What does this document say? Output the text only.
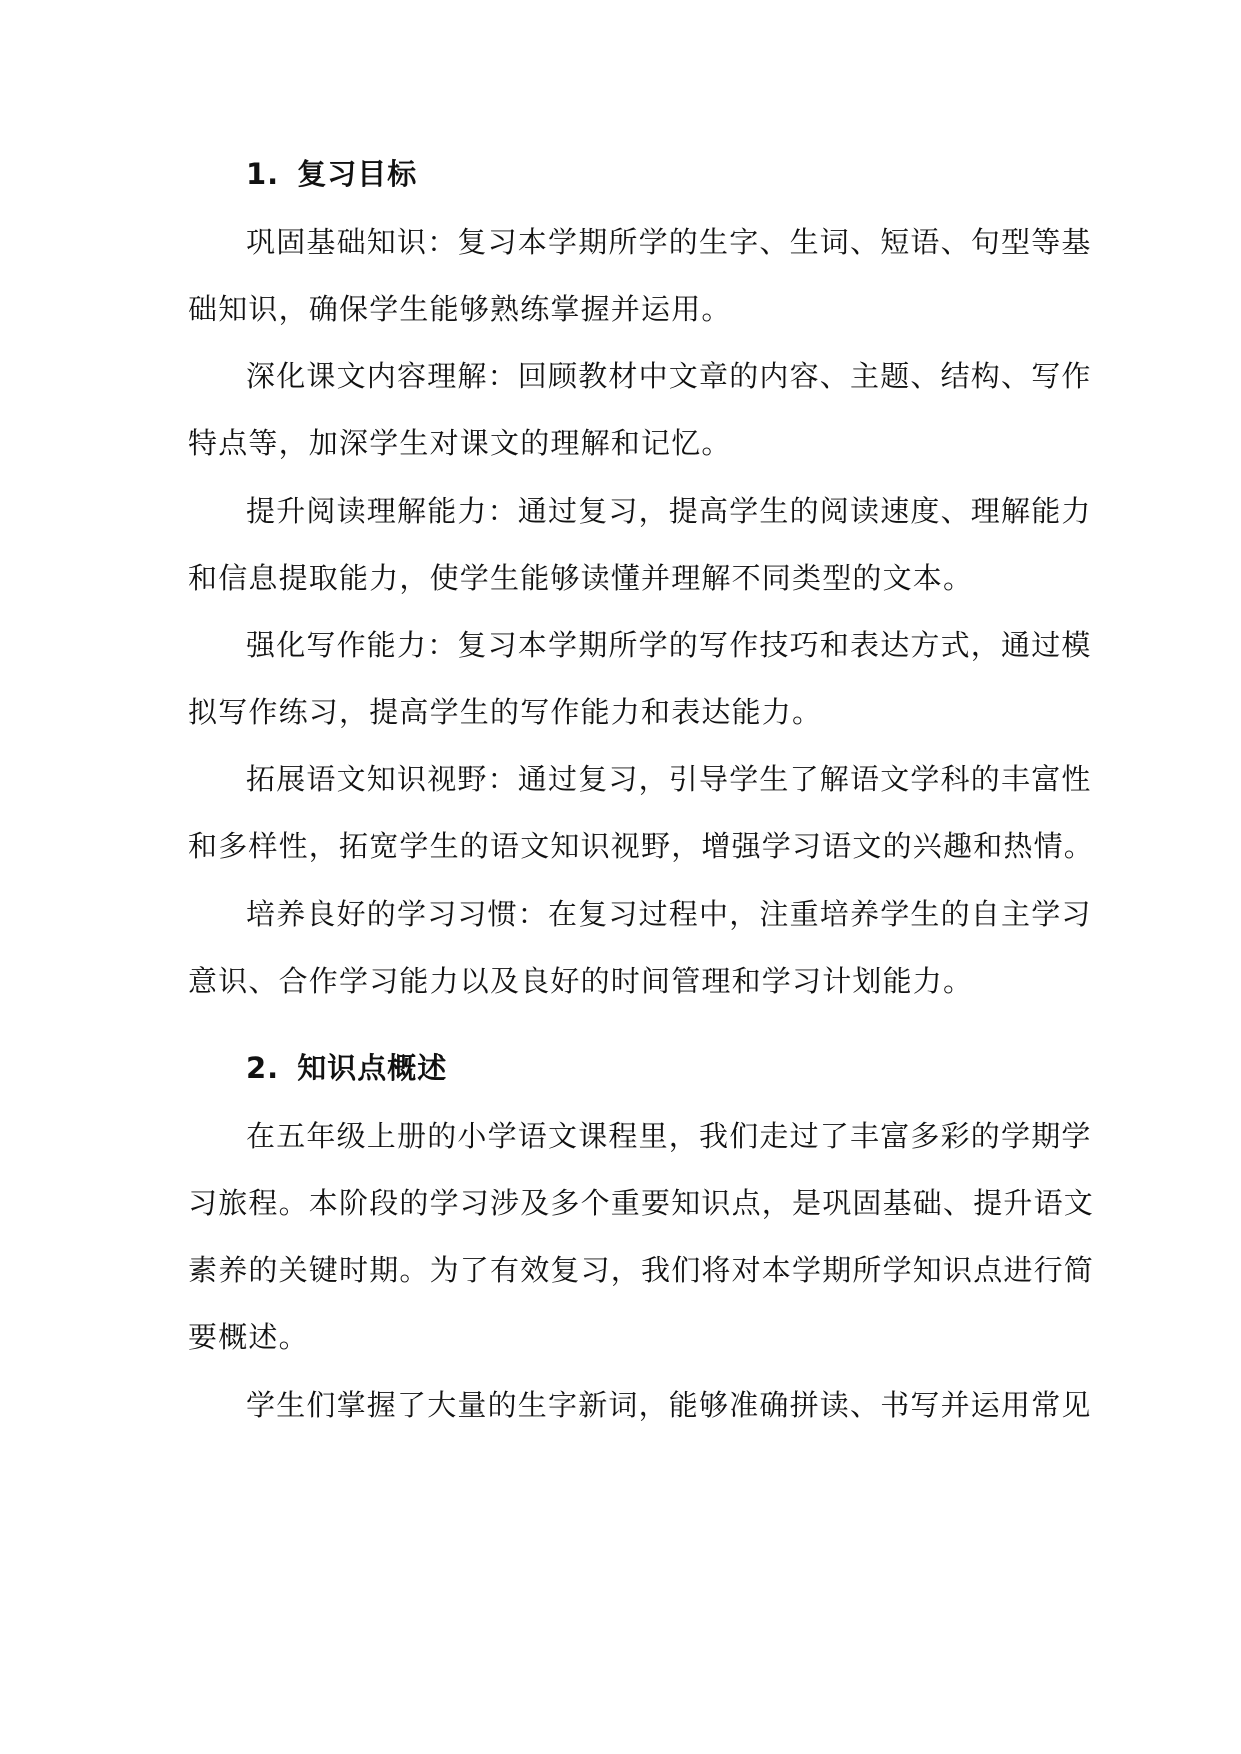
1. 复习目标
巩固基础知识：复习本学期所学的生字、生词、短语、句型等基
础知识，确保学生能够熟练掌握并运用。
深化课文内容理解：回顾教材中文章的内容、主题、结构、写作
特点等，加深学生对课文的理解和记忆。
提升阅读理解能力：通过复习，提高学生的阅读速度、理解能力
和信息提取能力，使学生能够读懂并理解不同类型的文本。
强化写作能力：复习本学期所学的写作技巧和表达方式，通过模
拟写作练习，提高学生的写作能力和表达能力。
拓展语文知识视野：通过复习，引导学生了解语文学科的丰富性
和多样性，拓宽学生的语文知识视野，增强学习语文的兴趣和热情。
培养良好的学习习惯：在复习过程中，注重培养学生的自主学习
意识、合作学习能力以及良好的时间管理和学习计划能力。
2. 知识点概述
在五年级上册的小学语文课程里，我们走过了丰富多彩的学期学
习旅程。本阶段的学习涉及多个重要知识点，是巩固基础、提升语文
素养的关键时期。为了有效复习，我们将对本学期所学知识点进行简
要概述。
学生们掌握了大量的生字新词，能够准确拼读、书写并运用常见
